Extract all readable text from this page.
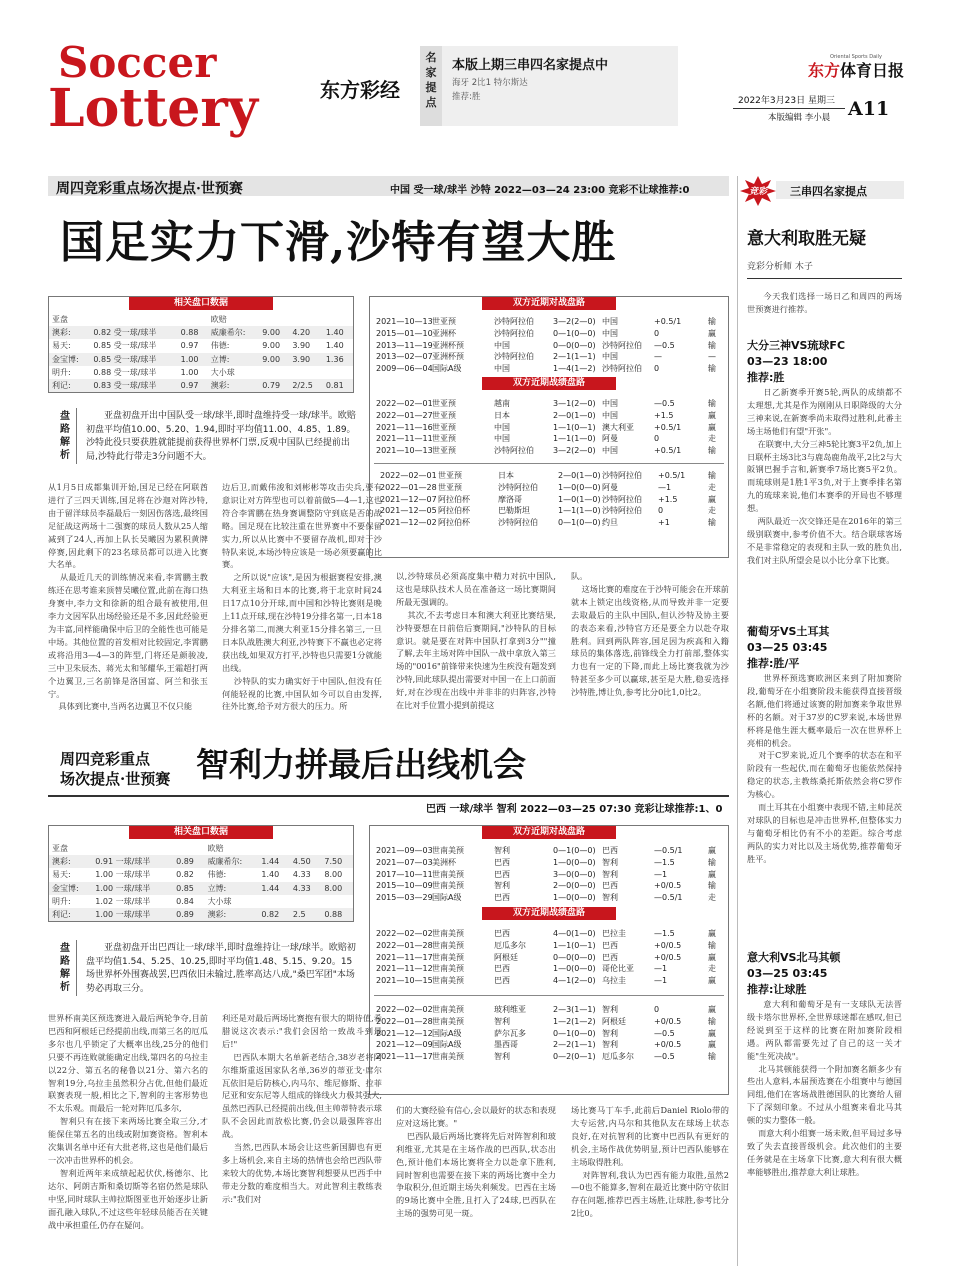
Soccer
Lottery	东方彩经
名
家
提
点
本版上期三串四名家提点中
海牙 2比1 特尔斯达
推荐:胜
东方体育日报
Oriental Sports Daily
2022年3月23日 星期三
本版编辑 李小晨 A11
周四竞彩重点场次提点·世预赛	中国 受一球/球半 沙特 2022—03—24 23:00 竞彩不让球推荐:0
国足实力下滑,沙特有望大胜
相关盘口数据
亚盘			欧赔			
澳彩:	0.82 受一球/球半	0.88	威廉希尔:	9.00	4.20	1.40
易天:	0.85 受一球/球半	0.97	伟德:	9.00	3.90	1.40
金宝博:	0.85 受一球/球半	1.00	立博:	9.00	3.90	1.36
明升:	0.88 受一球/球半	1.00	大小球			
利记:	0.83 受一球/球半	0.97	澳彩:	0.79	2/2.5	0.81
双方近期对战盘路
2021—10—13 世亚预	沙特阿拉伯 3—2(2—0) 中国	+0.5/1	输
2015—01—10 亚洲杯	沙特阿拉伯 0—1(0—0) 中国	0	赢
2013—11—19 亚洲杯预	中国	0—0(0—0) 沙特阿拉伯 —0.5	输
2013—02—07 亚洲杯预	沙特阿拉伯 2—1(1—1) 中国	—	—
2009—06—04 国际A级	中国	1—4(1—2) 沙特阿拉伯 0	输
双方近期战绩盘路
2022—02—01 世亚预	越南	3—1(2—0) 中国	—0.5	输
2022—01—27 世亚预	日本	2—0(1—0) 中国	+1.5	赢
2021—11—16 世亚预	中国	1—1(0—1) 澳大利亚	+0.5/1	赢
2021—11—11 世亚预	中国	1—1(1—0) 阿曼	0	走
2021—10—13 世亚预	沙特阿拉伯 3—2(2—0) 中国	+0.5/1	输
2022—02—01 世亚预	日本	2—0(1—0) 沙特阿拉伯 +0.5/1	输
2022—01—28 世亚预	沙特阿拉伯	1—0(0—0) 阿曼	—1	走
2021—12—07 阿拉伯杯	摩洛哥	1—0(1—0) 沙特阿拉伯 +1.5	赢
2021—12—05 阿拉伯杯	巴勒斯坦	1—1(1—0) 沙特阿拉伯 0	走
2021—12—02 阿拉伯杯	沙特阿拉伯	0—1(0—0) 约旦	+1	输
盘
路
解
析
亚盘初盘开出中国队受一球/球半,即时盘维持受一球/球半。欧赔初盘平均值10.00、5.20、1.94,即时平均值11.00、4.85、1.89。沙特此役只要获胜就能提前获得世界杯门票,反观中国队已经提前出局,沙特此行带走3分问题不大。
从1月5日成都集训开始,国足已经在阿联酋进行了三四天训练,国足将在沙迦对阵沙特,由于留洋球员李磊最后一刻因伤落选,最终国足征战这两场十二强赛的球员人数从25人缩减到了24人,再加上队长吴曦因为累积黄牌停赛,因此剩下的23名球员都可以进入比赛大名单。
从最近几天的训练情况来看,李霄鹏主教练还在思考谁来顶替吴曦位置,此前在海口热身赛中,李力文和徐新的组合最有被使用,但李力文因军队出场经验还是不多,因此经验更为丰富,同样能确保中后卫的全能性也可能是中场。其他位置的首发相对比较固定,李霄鹏或将沿用3—4—3的阵型,门将还是颜骏凌,三中卫朱辰杰、蒋光太和邹耀华,王霜超打两个边翼卫,三名前锋是洛国富、阿兰和张玉宁。
具体到比赛中,当两名边翼卫不仅只能
边后卫,而戴伟浚和刘彬彬等攻击尖兵,要有意识让对方阵型也可以着前做5—4—1,这也符合李霄鹏在热身赛调整防守到底是否的战略。国足现在比较注重在世界赛中不要保留实力,所以从比赛中不要留存战机,即对于沙特队来说,本场沙特应该是一场必须要赢的比赛。
之所以说"应该",是因为根据赛程安排,澳大利亚主场和日本的比赛,将于北京时间24日17点10分开球,而中国和沙特比赛则是晚上11点开球,现在沙特19分排名第一,日本18分排名第二,而澳大利亚15分排名第三,一旦日本队战胜澳大利亚,沙特赛下不赢也必定将获出线,如果双方打平,沙特也只需要1分就能出线。
沙特队的实力确实好于中国队,但没有任何能轻视的比赛,中国队如今可以自由发挥,往外比赛,给予对方很大的压力。所
以,沙特球员必须高度集中精力对抗中国队,这也是球队技术人员在准备这一场比赛期间所最无强调的。
其次,不去考虑日本和澳大利亚比赛结果,沙特要想在日前倍后赛期间,"沙特队的目标意识。就是要在对阵中国队打拿到3分""撞了解,去年主场对阵中国队一战中拿放入第三场的"0016"前锋带来快速为生疾没有题发到沙特,回此球队提出需要对中国一在上口前面好,对在沙现在出线中并非非的归阵容,沙特在比对手位置小提到前提这
队。
这场比赛的难度在于沙特可能会在开球前就本上锁定出线资格,从而导致并非一定要去取最后的主队中国队,但认沙特及协主要的表态来看,沙特官方还是要全力以赴夺取胜利。回到两队阵容,国足因为疾高和入籍球员的集体落选,前锋线全力打前部,整体实力也有一定的下降,而此上场比赛我就为沙特甚至多少可以赢球,甚至是大胜,稳妥选择沙特胜,博让负,参考比分0比1,0比2。
周四竞彩重点
场次提点·世预赛 智利力拼最后出线机会
巴西 一球/球半 智利 2022—03—25 07:30 竞彩让球推荐:1、0
相关盘口数据
亚盘			欧赔			
澳彩:	0.91 一球/球半	0.89	威廉希尔:	1.44	4.50	7.50
易天:	1.00 一球/球半	0.82	伟德:	1.40	4.33	8.00
金宝博:	1.00 一球/球半	0.85	立博:	1.44	4.33	8.00
明升:	1.02 一球/球半	0.84	大小球			
利记:	1.00 一球/球半	0.89	澳彩:	0.82	2.5	0.88
双方近期对战盘路
2021—09—03 世南美预	智利	0—1(0—0) 巴西	—0.5/1	赢
2021—07—03 美洲杯	巴西	1—0(0—0) 智利	—1.5	输
2017—10—11 世南美预	巴西	3—0(0—0) 智利	—1	赢
2015—10—09 世南美预	智利	2—0(0—0) 巴西	+0/0.5	输
2015—03—29 国际A级	巴西	1—0(0—0) 智利	—0.5/1	走
双方近期战绩盘路
2022—02—02 世南美预	巴西	4—0(1—0) 巴拉圭	—1.5	赢
2022—01—28 世南美预	厄瓜多尔	1—1(0—1) 巴西	+0/0.5	输
2021—11—17 世南美预	阿根廷	0—0(0—0) 巴西	+0/0.5	赢
2021—11—12 世南美预	巴西	1—0(0—0) 哥伦比亚	—1	走
2021—10—15 世南美预	巴西	4—1(2—0) 乌拉圭	—1	赢
2022—02—02 世南美预	玻利维亚	2—3(1—1) 智利	0	赢
2022—01—28 世南美预	智利	1—2(1—2) 阿根廷	+0/0.5	输
2021—12—12 国际A级	萨尔瓦多	0—1(0—0) 智利	—0.5	赢
2021—12—09 国际A级	墨西哥	2—2(1—1) 智利	+0/0.5	赢
2021—11—17 世南美预	智利	0—2(0—1) 厄瓜多尔	—0.5	输
盘
路
解
析
亚盘初盘开出巴西让一球/球半,即时盘维持让一球/球半。欧赔初盘平均值1.54、5.25、10.25,即时平均值1.48、5.15、9.20。15场世界杯外围赛战罢,巴西依旧未输过,胜率高达八成,"桑巴军团"本场势必再取三分。
世界杯南美区预选赛进入最后两轮争夺,目前巴西和阿根廷已经提前出线,而第三名的厄瓜多尔也几乎锁定了大概率出线,25分的他们只要不再连败就能确定出线,第四名的乌拉圭以22分、第五名的秘鲁以21分、第六名的智利19分,乌拉圭虽然积分占优,但他们最近联赛表现一般,相比之下,智利的主客形势也不太乐观。而最后一轮对阵厄瓜多尔,
智利只有在接下来两场比赛全取三分,才能保住第五名的出线或附加赛资格。智利本次集训名单中还有大批老将,这也是他们最后一次冲击世界杯的机会。
智利近两年来成绩起起伏伏,杨德尔、比达尔、阿朗吉斯和桑切斯等名宿仍然是球队中坚,同时球队主帅拉斯图亚也开始逐步让新面孔融入球队,不过这些年轻球员能否在关键战中承担重任,仍存在疑问。
利还是对最后两场比赛抱有很大的期待值,希腊说这次表示:"我们会因给一致战斗到最后!"
巴西队本期大名单新老结合,38岁老将阿尔维斯重返国家队名单,36岁的蒂亚戈·席尔瓦依旧是后防核心,内马尔、维尼修斯、拉菲尼亚和安东尼等人组成的锋线火力极其强大,虽然巴西队已经提前出线,但主帅蒂特表示球队不会因此而放松比赛,仍会以最强阵容出战。
当然,巴西队本场会让这些新国脚也有更多上场机会,来自主场的热情也会给巴西队带来较大的优势,本场比赛智利想要从巴西手中带走分数的难度相当大。对此智利主教练表示:"我们对
们的大赛经验有信心,会以最好的状态和表现应对这场比赛。"
巴西队最后两场比赛将先后对阵智利和玻利维亚,尤其是在主场作战的巴西队,状态出色,预计他们本场比赛将全力以赴拿下胜利,同时智利也需要在接下来的两场比赛中全力争取积分,但近期主场失利频发。巴西在主场的9场比赛中全胜,且打入了24球,巴西队在主场的强势可见一斑。
场比赛马丁车手,此前后Daniel Riolo带的大专运营,内马尔和其他队友在球场上状态良好,在对抗智利的比赛中巴西队有更好的机会,主场作战优势明显,预计巴西队能够在主场取得胜利。
对阵智利,我认为巴西有能力取胜,虽然2—0也不能算多,智利在最近比赛中防守依旧存在问题,推荐巴西主场胜,让球胜,参考比分2比0。
竞彩	三串四名家提点
意大利取胜无疑
竞彩分析师 木子
今天我们选择一场日乙和周四的两场世预赛进行推荐。
大分三神VS琉球FC
03—23 18:00
推荐:胜
日乙新赛季开赛5轮,两队的成绩都不太理想,尤其是作为刚刚从日职降级的大分三神来说,在新赛季尚未取得过胜利,此番主场主场他们有望"开张"。
在联赛中,大分三神5轮比赛3平2负,加上日联杯主场3比3与鹿岛鹿角战平,2比2与大阪钢巴握手言和,新赛季7场比赛5平2负。而琉球则是1胜1平3负,对于上赛季排名第九的琉球来说,他们本赛季的开局也不够理想。
两队最近一次交锋还是在2016年的第三级别联赛中,参考价值不大。结合联球客场不是非常稳定的表现和主队一致的胜负出,我们对主队所望会是以小比分拿下比赛。
葡萄牙VS土耳其
03—25 03:45
推荐:胜/平
世界杯预选赛欧洲区来到了附加赛阶段,葡萄牙在小组赛阶段未能获得直接晋级名额,他们将通过该赛的附加赛来争取世界杯的名额。对于37岁的C罗来说,本场世界杯将是他生涯大概率最后一次在世界杯上亮相的机会。
对于C罗来说,近几个赛季的状态在和平阶段有一些起伏,而在葡萄牙也能依然保持稳定的状态,主教练桑托斯依然会将C罗作为核心。
而土耳其在小组赛中表现不错,主帅昆茨对球队的目标也是冲击世界杯,但整体实力与葡萄牙相比仍有不小的差距。综合考虑两队的实力对比以及主场优势,推荐葡萄牙胜平。
意大利VS北马其顿
03—25 03:45
推荐:让球胜
意大利和葡萄牙是有一支球队无法晋级卡塔尔世界杯,全世界球迷都在感叹,但已经说到至于这样的比赛在附加赛阶段相遇。两队都需要先过了自己的这一关才能"生死决战"。
北马其顿能获得一个附加赛名额多少有些出人意料,本届预选赛在小组赛中与德国同组,他们在客场战胜德国队的比赛给人留下了深刻印象。不过从小组赛来看北马其顿的实力整体一般。
而意大利小组赛一场未败,但平局过多导致了失去直接晋级机会。此次他们的主要任务就是在主场拿下比赛,意大利有很大概率能够胜出,推荐意大利让球胜。
